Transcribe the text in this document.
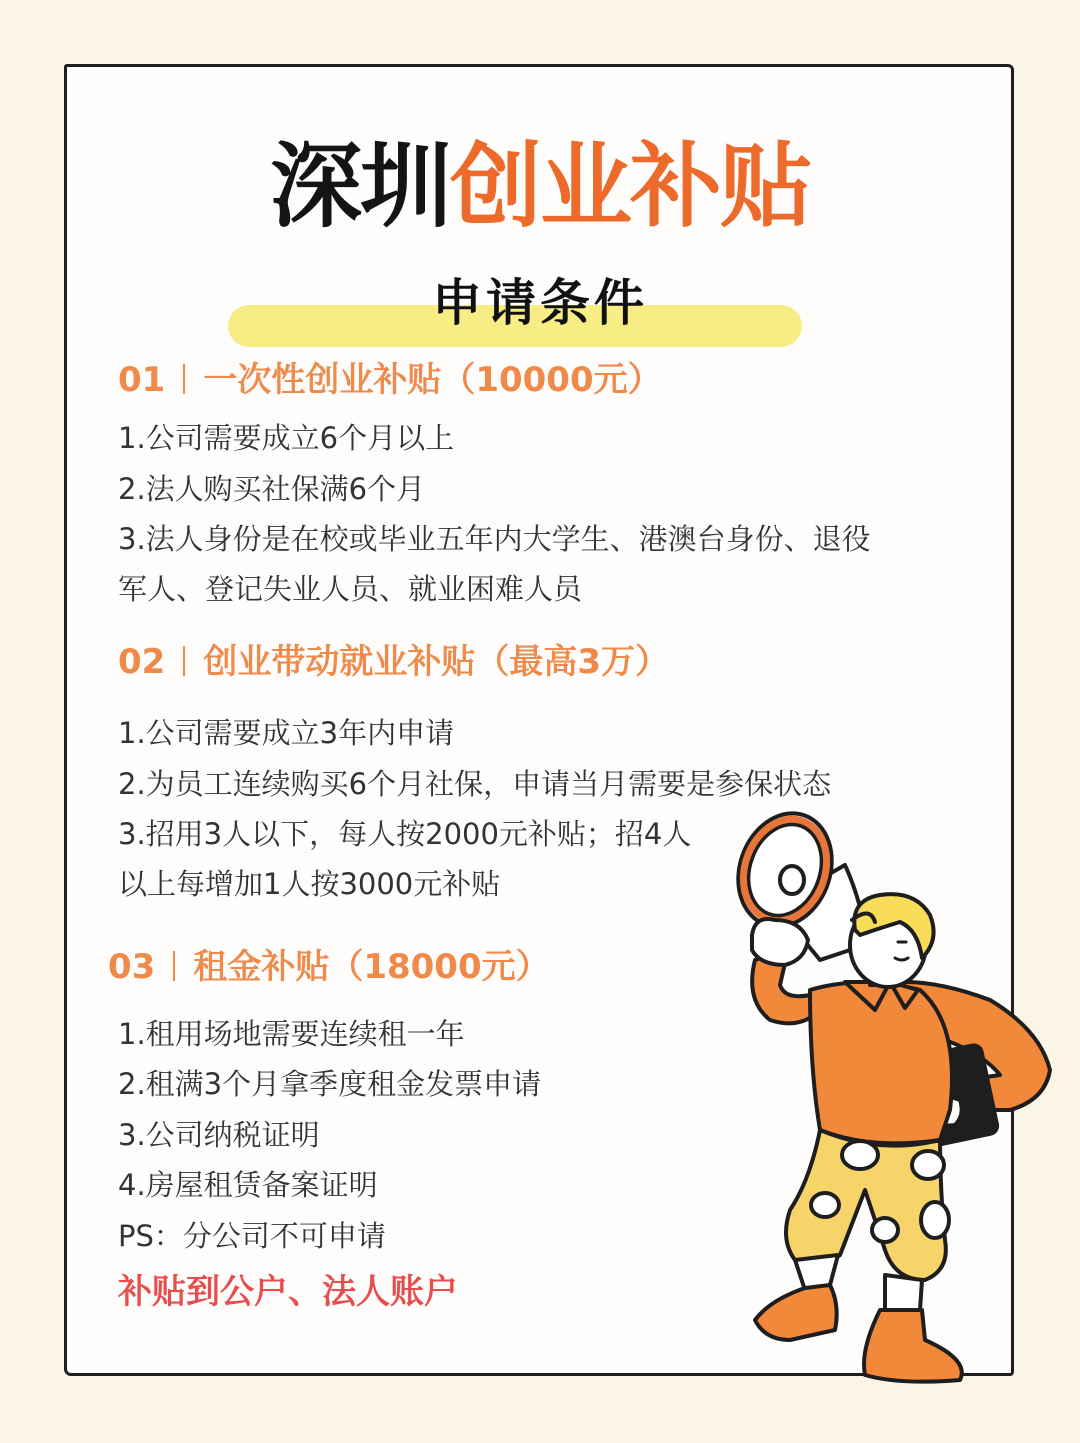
深圳创业补贴
申请条件
01 一次性创业补贴（10000元）
1.公司需要成立6个月以上
2.法人购买社保满6个月
3.法人身份是在校或毕业五年内大学生、港澳台身份、退役
军人、登记失业人员、就业困难人员
02 创业带动就业补贴（最高3万）
1.公司需要成立3年内申请
2.为员工连续购买6个月社保，申请当月需要是参保状态
3.招用3人以下，每人按2000元补贴；招4人
以上每增加1人按3000元补贴
03 租金补贴（18000元）
1.租用场地需要连续租一年
2.租满3个月拿季度租金发票申请
3.公司纳税证明
4.房屋租赁备案证明
PS：分公司不可申请
补贴到公户、法人账户
